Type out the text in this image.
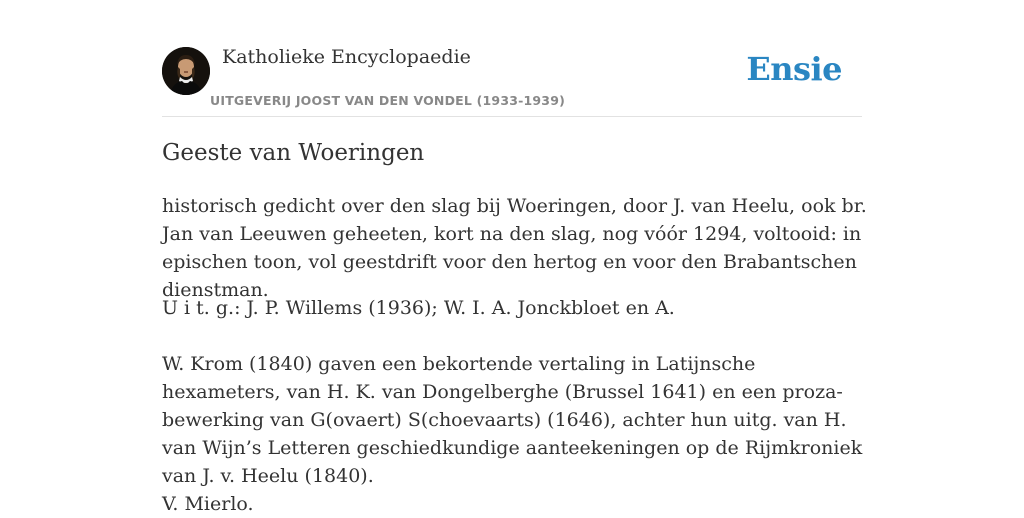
Katholieke Encyclopaedie
UITGEVERIJ JOOST VAN DEN VONDEL (1933-1939)
Ensie
Geeste van Woeringen

historisch gedicht over den slag bij Woeringen, door J. van Heelu, ook br. Jan van Leeuwen geheeten, kort na den slag, nog vóór 1294, voltooid: in epischen toon, vol geestdrift voor den hertog en voor den Brabantschen dienstman.

U i t. g.: J. P. Willems (1936); W. I. A. Jonckbloet en A.

W. Krom (1840) gaven een bekortende vertaling in Latijnsche hexameters, van H. K. van Dongelberghe (Brussel 1641) en een proza-bewerking van G(ovaert) S(choevaarts) (1646), achter hun uitg. van H. van Wijn’s Letteren geschiedkundige aanteekeningen op de Rijmkroniek van J. v. Heelu (1840).

V. Mierlo.
